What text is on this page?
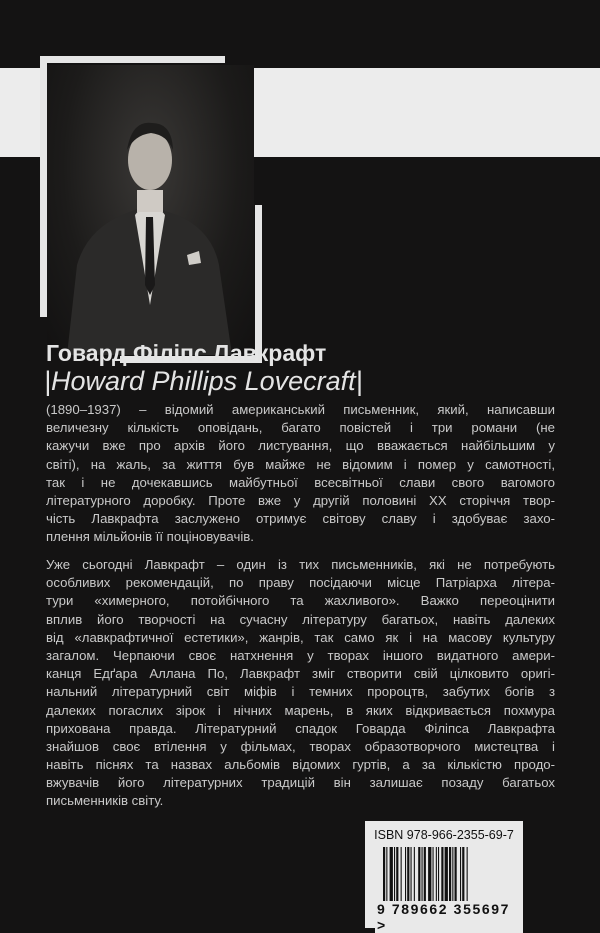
Говард Філіпс Лавкрафт
|Howard Phillips Lovecraft|
(1890–1937) – відомий американський письменник, який, написавши
величезну кількість оповідань, багато повістей і три романи (не
кажучи вже про архів його листування, що вважається найбільшим у
світі), на жаль, за життя був майже не відомим і помер у самотності,
так і не дочекавшись майбутньої всесвітньої слави свого вагомого
літературного доробку. Проте вже у другій половині XX сторіччя твор-
чість Лавкрафта заслужено отримує світову славу і здобуває захо-
плення мільйонів її поціновувачів.
Уже сьогодні Лавкрафт – один із тих письменників, які не потребують
особливих рекомендацій, по праву посідаючи місце Патріарха літера-
тури «химерного, потойбічного та жахливого». Важко переоцінити
вплив його творчості на сучасну літературу багатьох, навіть далеких
від «лавкрафтичної естетики», жанрів, так само як і на масову культуру
загалом. Черпаючи своє натхнення у творах іншого видатного амери-
канця Едґара Аллана По, Лавкрафт зміг створити свій цілковито оригі-
нальний літературний світ міфів і темних пророцтв, забутих богів з
далеких погаслих зірок і нічних марень, в яких відкривається похмура
прихована правда. Літературний спадок Говарда Філіпса Лавкрафта
знайшов своє втілення у фільмах, творах образотворчого мистецтва і
навіть піснях та назвах альбомів відомих гуртів, а за кількістю продо-
вжувачів його літературних традицій він залишає позаду багатьох
письменників світу.
ISBN 978-966-2355-69-7
9 789662 355697 >
